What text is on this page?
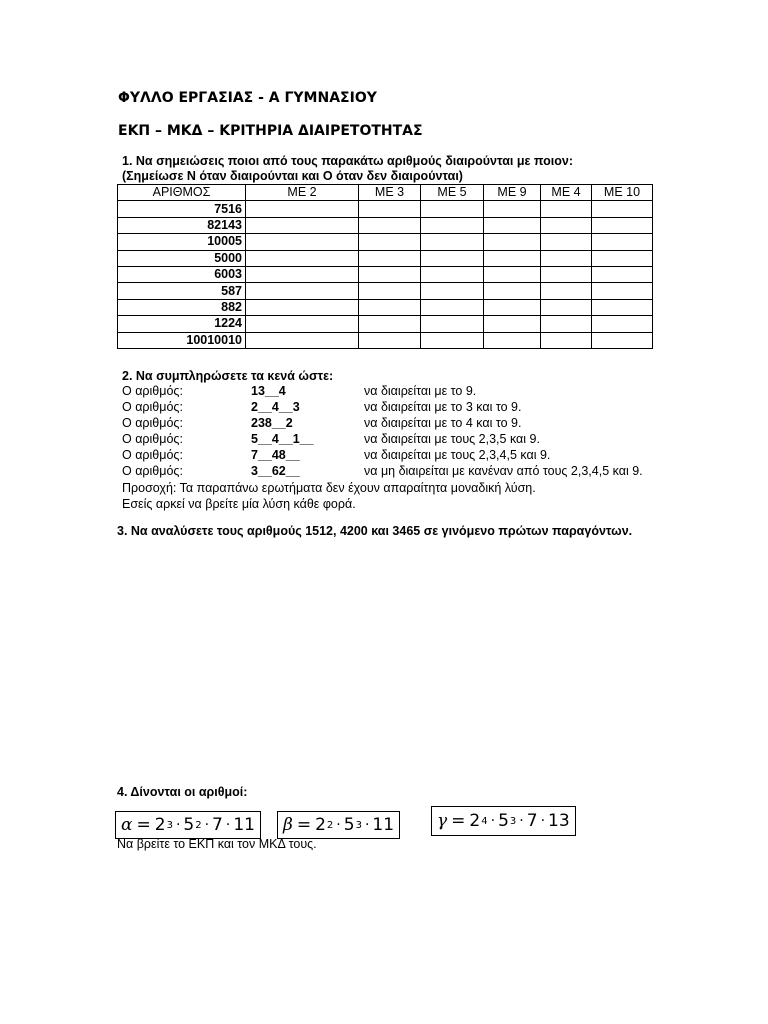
ΦΥΛΛΟ ΕΡΓΑΣΙΑΣ - Α ΓΥΜΝΑΣΙΟΥ
ΕΚΠ – ΜΚΔ – ΚΡΙΤΗΡΙΑ ΔΙΑΙΡΕΤΟΤΗΤΑΣ
1. Να σημειώσεις ποιοι από τους παρακάτω αριθμούς διαιρούνται με ποιον:
(Σημείωσε Ν όταν διαιρούνται και Ο όταν δεν διαιρούνται)
ΑΡΙΘΜΟΣ	ΜΕ 2	ΜΕ 3	ΜΕ 5	ΜΕ 9	ΜΕ 4	ΜΕ 10
7516						
82143						
10005						
5000						
6003						
587						
882						
1224						
10010010						
2. Να συμπληρώσετε τα κενά ώστε:
Ο αριθμός:	13__4	να διαιρείται με το 9.
Ο αριθμός:	2__4__3	να διαιρείται με το 3 και το 9.
Ο αριθμός:	238__2	να διαιρείται με το 4 και το 9.
Ο αριθμός:	5__4__1__	να διαιρείται με τους 2,3,5 και 9.
Ο αριθμός:	7__48__	να διαιρείται με τους 2,3,4,5 και 9.
Ο αριθμός:	3__62__	να μη διαιρείται με κανέναν από τους 2,3,4,5 και 9.
Προσοχή: Τα παραπάνω ερωτήματα δεν έχουν απαραίτητα μοναδική λύση.
Εσείς αρκεί να βρείτε μία λύση κάθε φορά.
3. Να αναλύσετε τους αριθμούς 1512, 4200 και 3465 σε γινόμενο πρώτων παραγόντων.
4. Δίνονται οι αριθμοί:
α = 2 3 · 5 2 · 7 · 11 β = 2 2 · 5 3 · 11	γ = 2 4 · 5 3 · 7 · 13
Να βρείτε το ΕΚΠ και τον ΜΚΔ τους.
